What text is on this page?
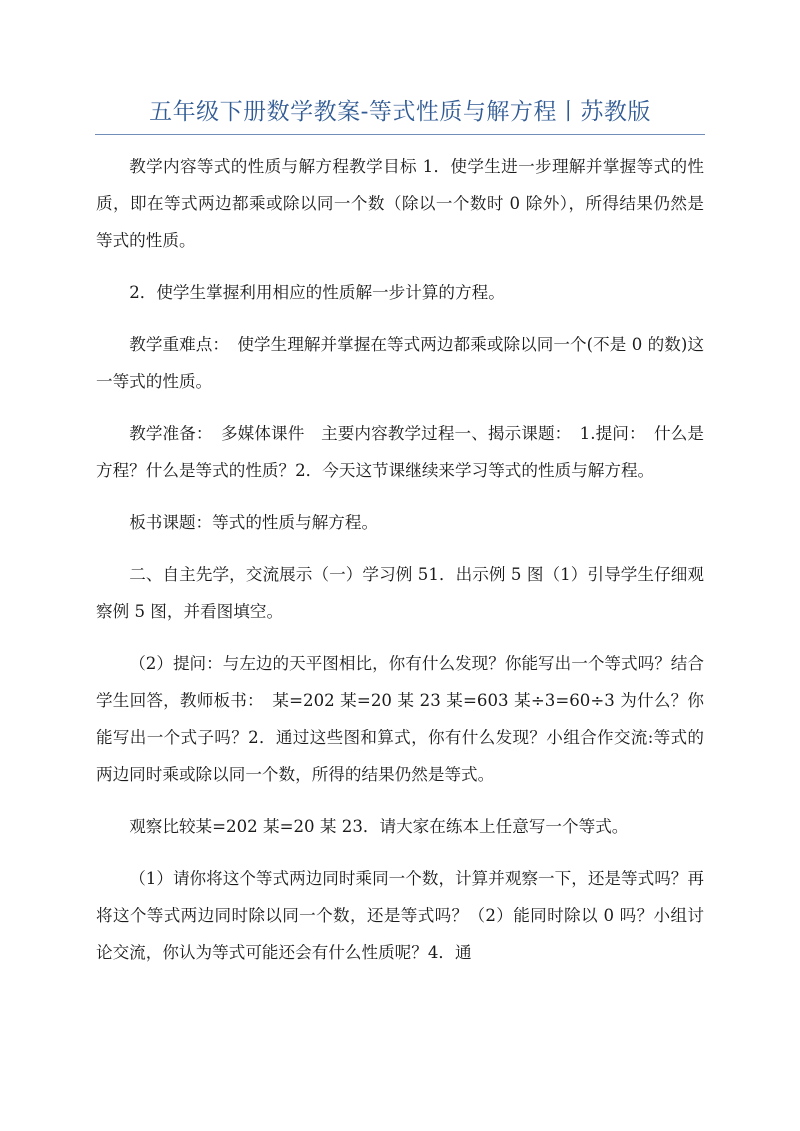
五年级下册数学教案-等式性质与解方程丨苏教版

教学内容等式的性质与解方程教学目标 1．使学生进一步理解并掌握等式的性质，即在等式两边都乘或除以同一个数（除以一个数时 0 除外），所得结果仍然是等式的性质。

2．使学生掌握利用相应的性质解一步计算的方程。

教学重难点：　使学生理解并掌握在等式两边都乘或除以同一个(不是 0 的数)这一等式的性质。

教学准备：　多媒体课件　主要内容教学过程一、揭示课题：　1.提问：　什么是方程？什么是等式的性质？2．今天这节课继续来学习等式的性质与解方程。

板书课题：等式的性质与解方程。

二、自主先学，交流展示（一）学习例 51．出示例 5 图（1）引导学生仔细观察例 5 图，并看图填空。

（2）提问：与左边的天平图相比，你有什么发现？你能写出一个等式吗？结合学生回答，教师板书：　某=202 某=20 某 23 某=603 某÷3=60÷3 为什么？你能写出一个式子吗？2．通过这些图和算式，你有什么发现？小组合作交流:等式的两边同时乘或除以同一个数，所得的结果仍然是等式。

观察比较某=202 某=20 某 23．请大家在练本上任意写一个等式。

（1）请你将这个等式两边同时乘同一个数，计算并观察一下，还是等式吗？再将这个等式两边同时除以同一个数，还是等式吗？（2）能同时除以 0 吗？小组讨论交流，你认为等式可能还会有什么性质呢？4．通
